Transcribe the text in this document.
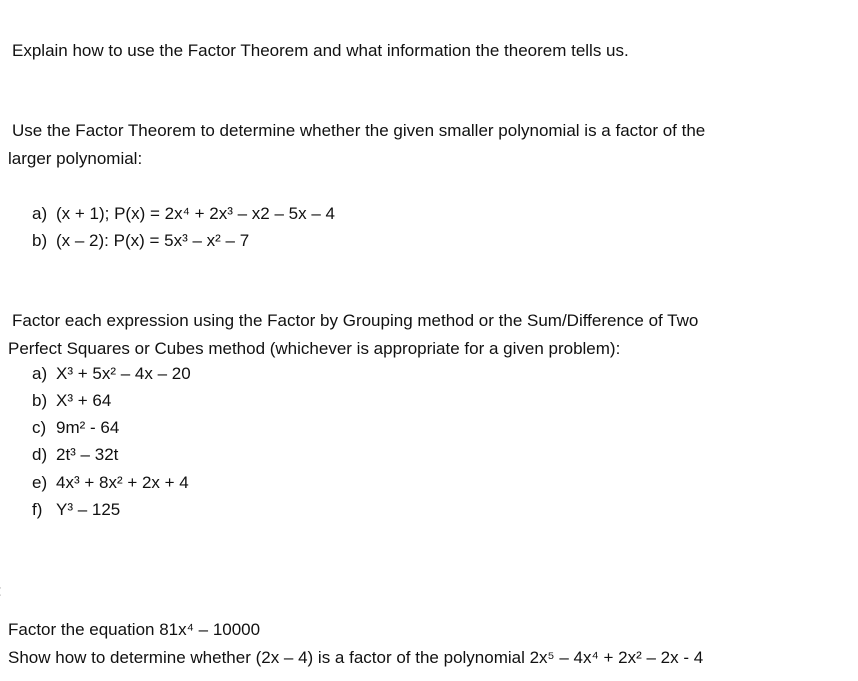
Explain how to use the Factor Theorem and what information the theorem tells us.
Use the Factor Theorem to determine whether the given smaller polynomial is a factor of the
larger polynomial:
a) (x + 1); P(x) = 2x⁴ + 2x³ – x2 – 5x – 4
b) (x – 2): P(x) = 5x³ – x² – 7
Factor each expression using the Factor by Grouping method or the Sum/Difference of Two
Perfect Squares or Cubes method (whichever is appropriate for a given problem):
a) X³ + 5x² – 4x – 20
b) X³ + 64
c) 9m² - 64
d) 2t³ – 32t
e) 4x³ + 8x² + 2x + 4
f) Y³ – 125
Factor the equation 81x⁴ – 10000
Show how to determine whether (2x – 4) is a factor of the polynomial 2x⁵ – 4x⁴ + 2x² – 2x - 4
